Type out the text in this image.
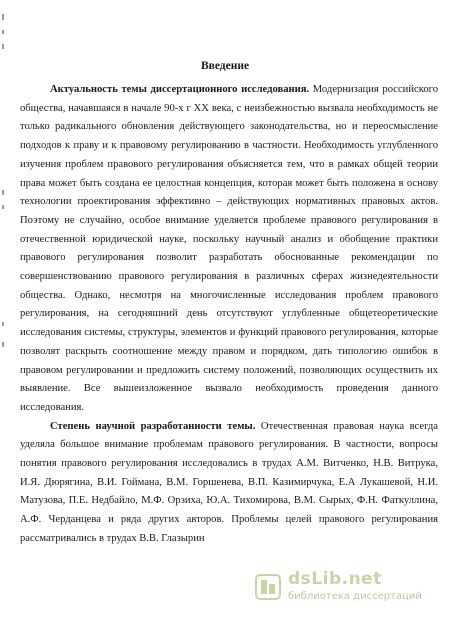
Введение

Актуальность темы диссертационного исследования. Модернизация российского общества, начавшаяся в начале 90-х г XX века, с неизбежностью вызвала необходимость не только радикального обновления действующего законодательства, но и переосмысление подходов к праву и к правовому регулированию в частности. Необходимость углубленного изучения проблем правового регулирования объясняется тем, что в рамках общей теории права может быть создана ее целостная концепция, которая может быть положена в основу технологии проектирования эффективно – действующих нормативных правовых актов. Поэтому не случайно, особое внимание уделяется проблеме правового регулирования в отечественной юридической науке, поскольку научный анализ и обобщение практики правового регулирования позволит разработать обоснованные рекомендации по совершенствованию правового регулирования в различных сферах жизнедеятельности общества. Однако, несмотря на многочисленные исследования проблем правового регулирования, на сегодняшний день отсутствуют углубленные общетеоретические исследования системы, структуры, элементов и функций правового регулирования, которые позволят раскрыть соотношение между правом и порядком, дать типологию ошибок в правовом регулировании и предложить систему положений, позволяющих осуществить их выявление. Все вышеизложенное вызвало необходимость проведения данного исследования.

Степень научной разработанности темы. Отечественная правовая наука всегда уделяла большое внимание проблемам правового регулирования. В частности, вопросы понятия правового регулирования исследовались в трудах А.М. Витченко, Н.В. Витрука, И.Я. Дюрягина, В.И. Гоймана, В.М. Горшенева, В.П. Казимирчука, Е.А Лукашевой, Н.И. Матузова, П.Е. Недбайло, М.Ф. Орзиха, Ю.А. Тихомирова, В.М. Сырых, Ф.Н. Фаткуллина, А.Ф. Черданцева и ряда других авторов. Проблемы целей правового регулирования рассматривались в трудах В.В. Глазырин

dsLib.net
библиотека диссертаций
